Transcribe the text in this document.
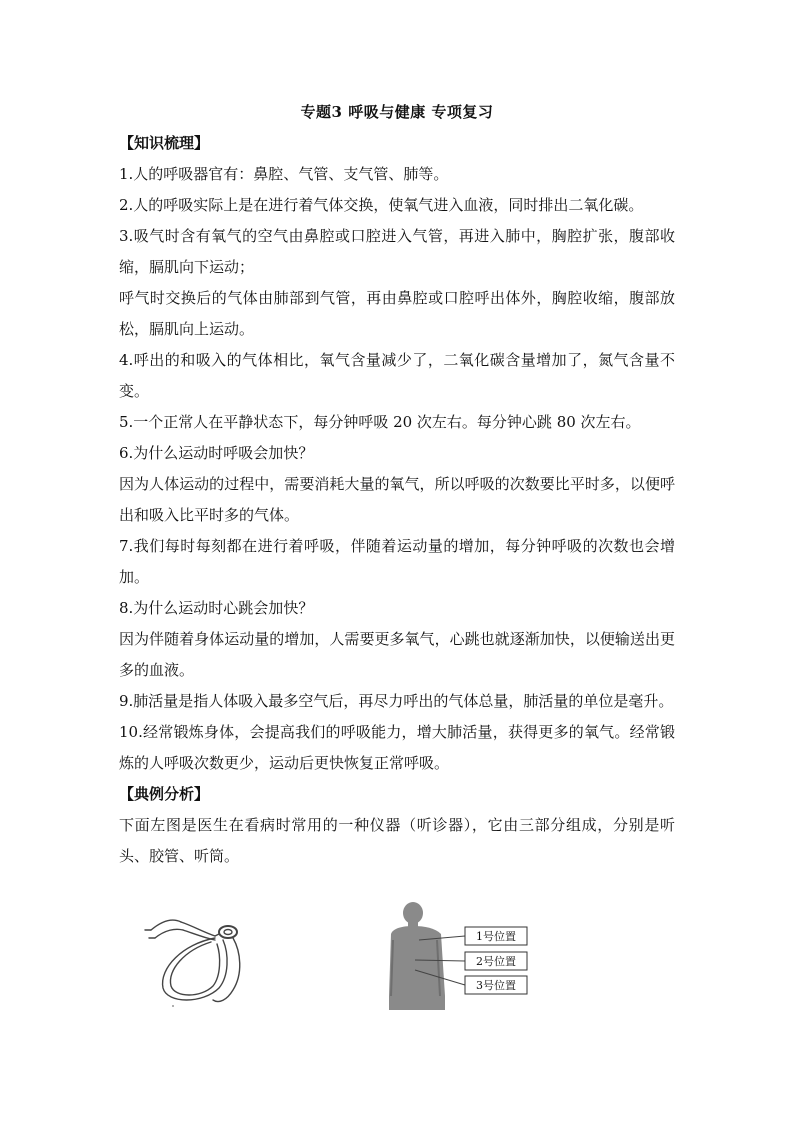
专题3 呼吸与健康 专项复习

【知识梳理】

1.人的呼吸器官有：鼻腔、气管、支气管、肺等。

2.人的呼吸实际上是在进行着气体交换，使氧气进入血液，同时排出二氧化碳。

3.吸气时含有氧气的空气由鼻腔或口腔进入气管，再进入肺中，胸腔扩张，腹部收缩，膈肌向下运动；

呼气时交换后的气体由肺部到气管，再由鼻腔或口腔呼出体外，胸腔收缩，腹部放松，膈肌向上运动。

4.呼出的和吸入的气体相比，氧气含量减少了，二氧化碳含量增加了，氮气含量不变。

5.一个正常人在平静状态下，每分钟呼吸 20 次左右。每分钟心跳 80 次左右。

6.为什么运动时呼吸会加快？

因为人体运动的过程中，需要消耗大量的氧气，所以呼吸的次数要比平时多，以便呼出和吸入比平时多的气体。

7.我们每时每刻都在进行着呼吸，伴随着运动量的增加，每分钟呼吸的次数也会增加。

8.为什么运动时心跳会加快？

因为伴随着身体运动量的增加，人需要更多氧气，心跳也就逐渐加快，以便输送出更多的血液。

9.肺活量是指人体吸入最多空气后，再尽力呼出的气体总量，肺活量的单位是毫升。

10.经常锻炼身体，会提高我们的呼吸能力，增大肺活量，获得更多的氧气。经常锻炼的人呼吸次数更少，运动后更快恢复正常呼吸。

【典例分析】

下面左图是医生在看病时常用的一种仪器（听诊器），它由三部分组成，分别是听头、胶管、听筒。

1号位置
2号位置
3号位置
